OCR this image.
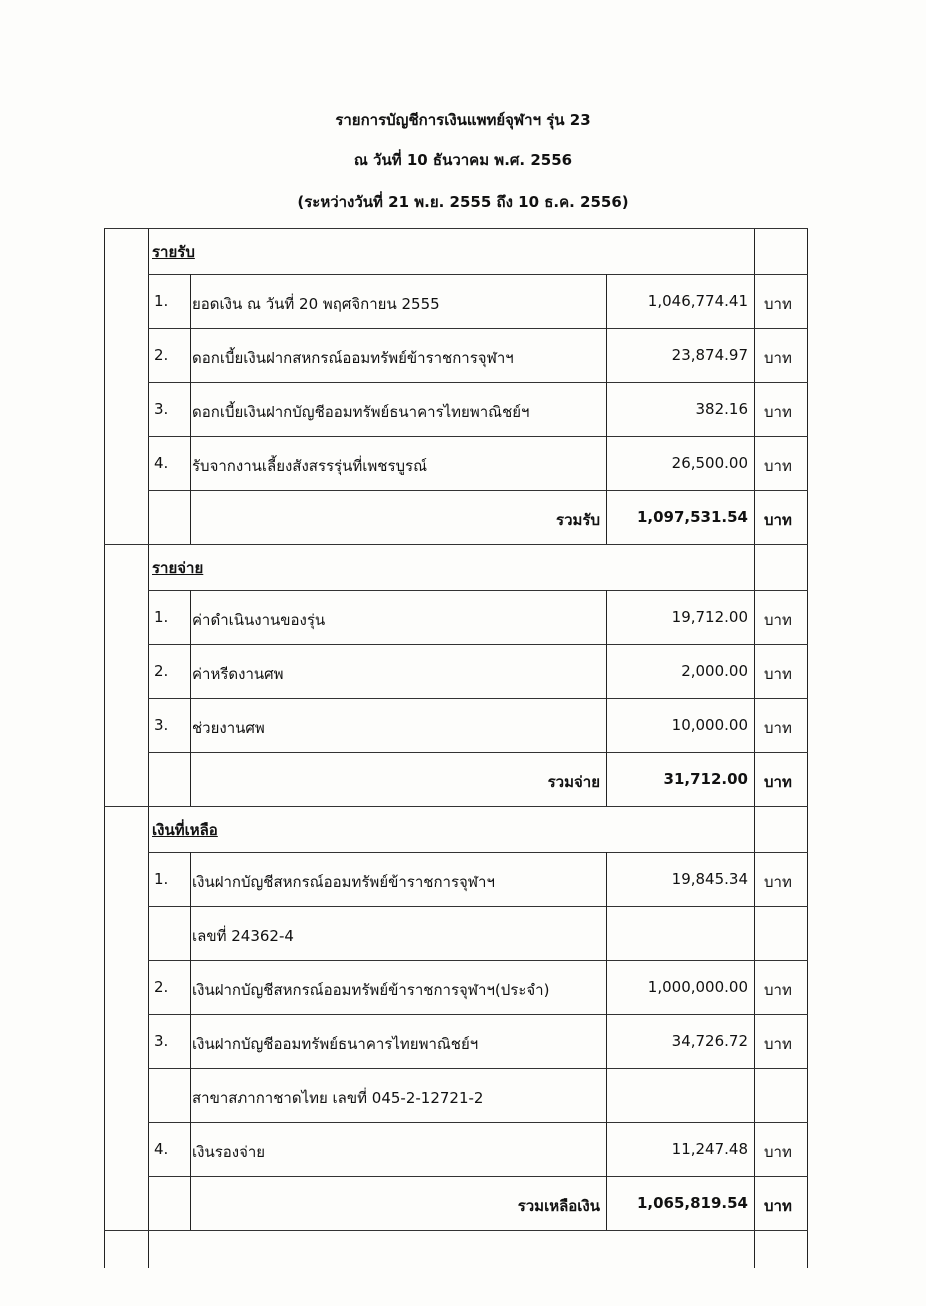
รายการบัญชีการเงินแพทย์จุฬาฯ รุ่น 23
ณ วันที่ 10 ธันวาคม พ.ศ. 2556
(ระหว่างวันที่ 21 พ.ย. 2555 ถึง 10 ธ.ค. 2556)
รายรับ
1. ยอดเงิน ณ วันที่ 20 พฤศจิกายน 2555	1,046,774.41 บาท
2. ดอกเบี้ยเงินฝากสหกรณ์ออมทรัพย์ข้าราชการจุฬาฯ	23,874.97 บาท
3. ดอกเบี้ยเงินฝากบัญชีออมทรัพย์ธนาคารไทยพาณิชย์ฯ	382.16 บาท
4. รับจากงานเลี้ยงสังสรรรุ่นที่เพชรบูรณ์	26,500.00 บาท
รวมรับ	1,097,531.54 บาท
รายจ่าย
1. ค่าดำเนินงานของรุ่น	19,712.00 บาท
2. ค่าหรีดงานศพ	2,000.00 บาท
3. ช่วยงานศพ	10,000.00 บาท
รวมจ่าย	31,712.00 บาท
เงินที่เหลือ
1. เงินฝากบัญชีสหกรณ์ออมทรัพย์ข้าราชการจุฬาฯ	19,845.34 บาท
เลขที่ 24362-4
2. เงินฝากบัญชีสหกรณ์ออมทรัพย์ข้าราชการจุฬาฯ(ประจำ)	1,000,000.00 บาท
3. เงินฝากบัญชีออมทรัพย์ธนาคารไทยพาณิชย์ฯ	34,726.72 บาท
สาขาสภากาชาดไทย เลขที่ 045-2-12721-2
4. เงินรองจ่าย	11,247.48 บาท
รวมเหลือเงิน	1,065,819.54 บาท
